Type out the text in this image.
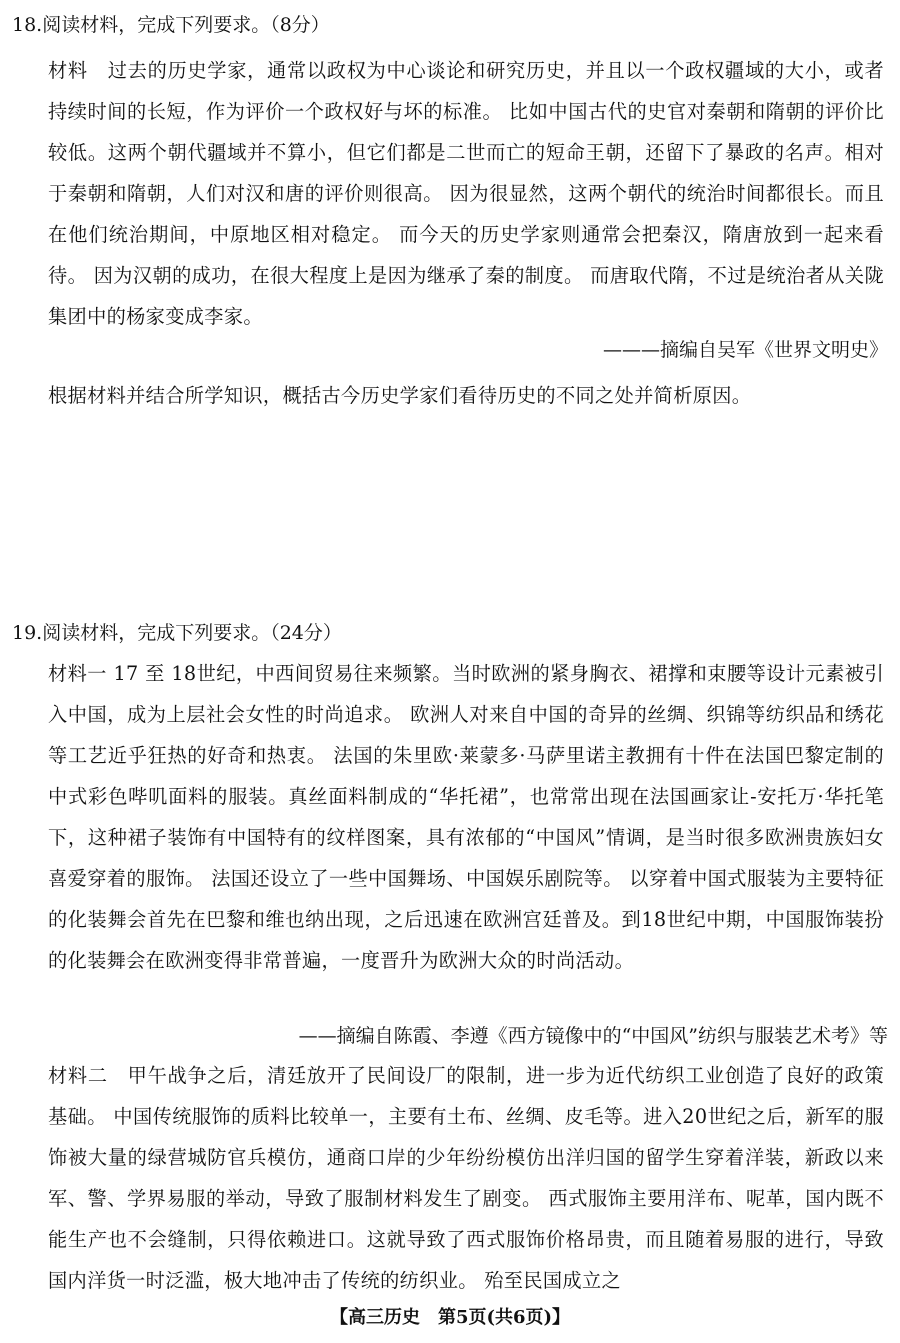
18.阅读材料，完成下列要求。（8分）

材料　过去的历史学家，通常以政权为中心谈论和研究历史，并且以一个政权疆域的大小，或者持续时间的长短，作为评价一个政权好与坏的标准。 比如中国古代的史官对秦朝和隋朝的评价比较低。这两个朝代疆域并不算小，但它们都是二世而亡的短命王朝，还留下了暴政的名声。相对于秦朝和隋朝，人们对汉和唐的评价则很高。 因为很显然，这两个朝代的统治时间都很长。而且在他们统治期间，中原地区相对稳定。 而今天的历史学家则通常会把秦汉，隋唐放到一起来看待。 因为汉朝的成功，在很大程度上是因为继承了秦的制度。 而唐取代隋，不过是统治者从关陇集团中的杨家变成李家。

———摘编自吴军《世界文明史》

根据材料并结合所学知识，概括古今历史学家们看待历史的不同之处并简析原因。

19.阅读材料，完成下列要求。（24分）

材料一 17 至 18世纪，中西间贸易往来频繁。当时欧洲的紧身胸衣、裙撑和束腰等设计元素被引入中国，成为上层社会女性的时尚追求。 欧洲人对来自中国的奇异的丝绸、织锦等纺织品和绣花等工艺近乎狂热的好奇和热衷。 法国的朱里欧·莱蒙多·马萨里诺主教拥有十件在法国巴黎定制的中式彩色哔叽面料的服装。真丝面料制成的“华托裙”，也常常出现在法国画家让-安托万·华托笔下，这种裙子装饰有中国特有的纹样图案，具有浓郁的“中国风”情调，是当时很多欧洲贵族妇女喜爱穿着的服饰。 法国还设立了一些中国舞场、中国娱乐剧院等。 以穿着中国式服装为主要特征的化装舞会首先在巴黎和维也纳出现，之后迅速在欧洲宫廷普及。到18世纪中期，中国服饰装扮的化装舞会在欧洲变得非常普遍，一度晋升为欧洲大众的时尚活动。

——摘编自陈霞、李遵《西方镜像中的“中国风”纺织与服装艺术考》等

材料二　甲午战争之后，清廷放开了民间设厂的限制，进一步为近代纺织工业创造了良好的政策基础。 中国传统服饰的质料比较单一，主要有土布、丝绸、皮毛等。进入20世纪之后，新军的服饰被大量的绿营城防官兵模仿，通商口岸的少年纷纷模仿出洋归国的留学生穿着洋装，新政以来军、警、学界易服的举动，导致了服制材料发生了剧变。 西式服饰主要用洋布、呢革，国内既不能生产也不会缝制，只得依赖进口。这就导致了西式服饰价格昂贵，而且随着易服的进行，导致国内洋货一时泛滥，极大地冲击了传统的纺织业。 殆至民国成立之

【高三历史　第5页(共6页)】
